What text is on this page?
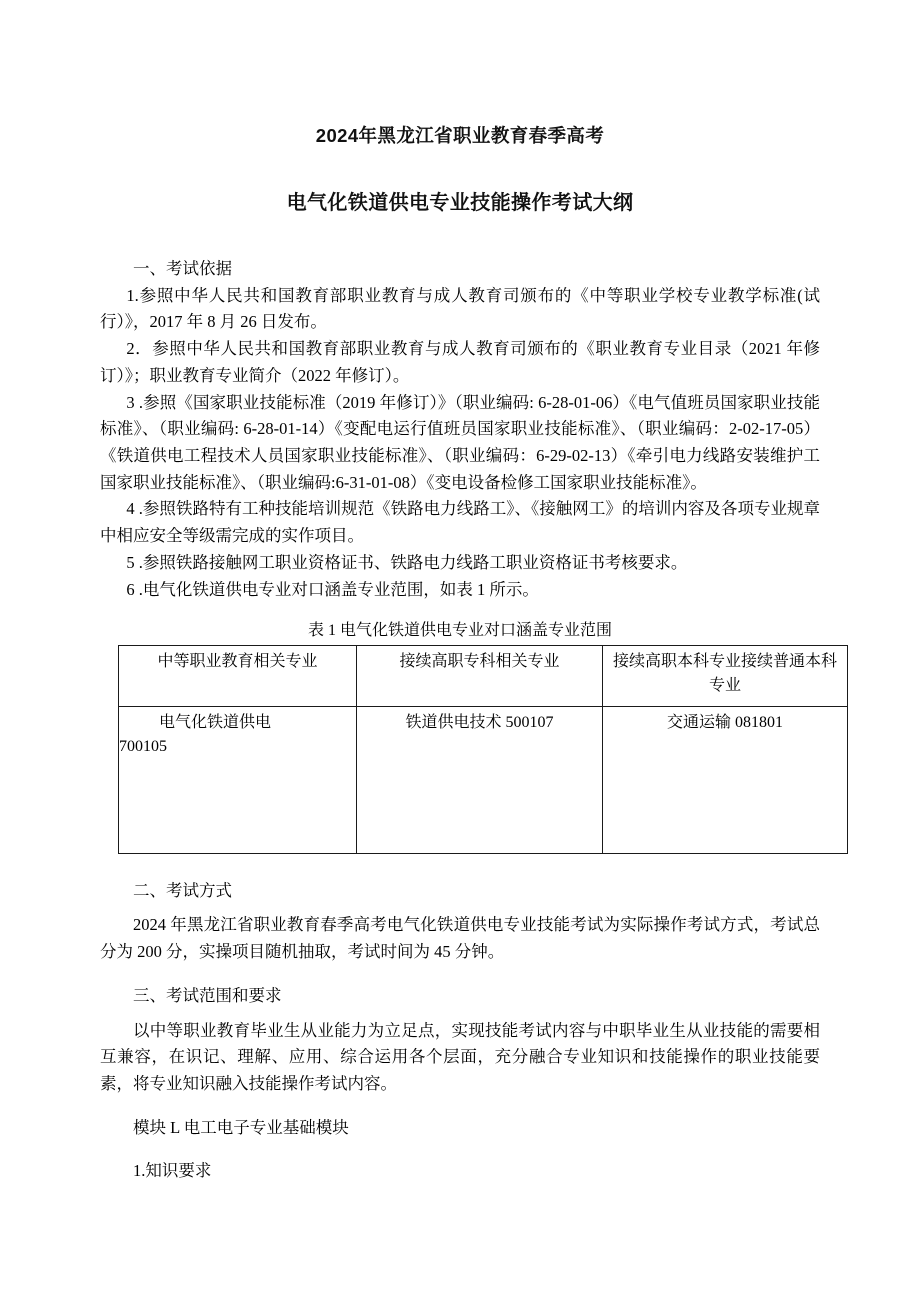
2024年黑龙江省职业教育春季高考
电气化铁道供电专业技能操作考试大纲

一、考试依据

1.参照中华人民共和国教育部职业教育与成人教育司颁布的《中等职业学校专业教学标准(试行）》，2017 年 8 月 26 日发布。

2．参照中华人民共和国教育部职业教育与成人教育司颁布的《职业教育专业目录（2021 年修订）》；职业教育专业简介（2022 年修订）。

3 .参照《国家职业技能标准（2019 年修订）》（职业编码: 6-28-01-06）《电气值班员国家职业技能标准》、（职业编码: 6-28-01-14）《变配电运行值班员国家职业技能标准》、（职业编码：2-02-17-05）《铁道供电工程技术人员国家职业技能标准》、（职业编码：6-29-02-13）《牵引电力线路安装维护工国家职业技能标准》、（职业编码:6-31-01-08）《变电设备检修工国家职业技能标准》。

4 .参照铁路特有工种技能培训规范《铁路电力线路工》、《接触网工》的培训内容及各项专业规章中相应安全等级需完成的实作项目。

5 .参照铁路接触网工职业资格证书、铁路电力线路工职业资格证书考核要求。

6 .电气化铁道供电专业对口涵盖专业范围，如表 1 所示。

表 1 电气化铁道供电专业对口涵盖专业范围

中等职业教育相关专业	接续高职专科相关专业	接续高职本科专业接续普通本科专业

电气化铁道供电
700105	铁道供电技术 500107	交通运输 081801

二、考试方式

2024 年黑龙江省职业教育春季高考电气化铁道供电专业技能考试为实际操作考试方式，考试总分为 200 分，实操项目随机抽取，考试时间为 45 分钟。

三、考试范围和要求

以中等职业教育毕业生从业能力为立足点，实现技能考试内容与中职毕业生从业技能的需要相互兼容，在识记、理解、应用、综合运用各个层面，充分融合专业知识和技能操作的职业技能要素，将专业知识融入技能操作考试内容。

模块 L 电工电子专业基础模块

1.知识要求
